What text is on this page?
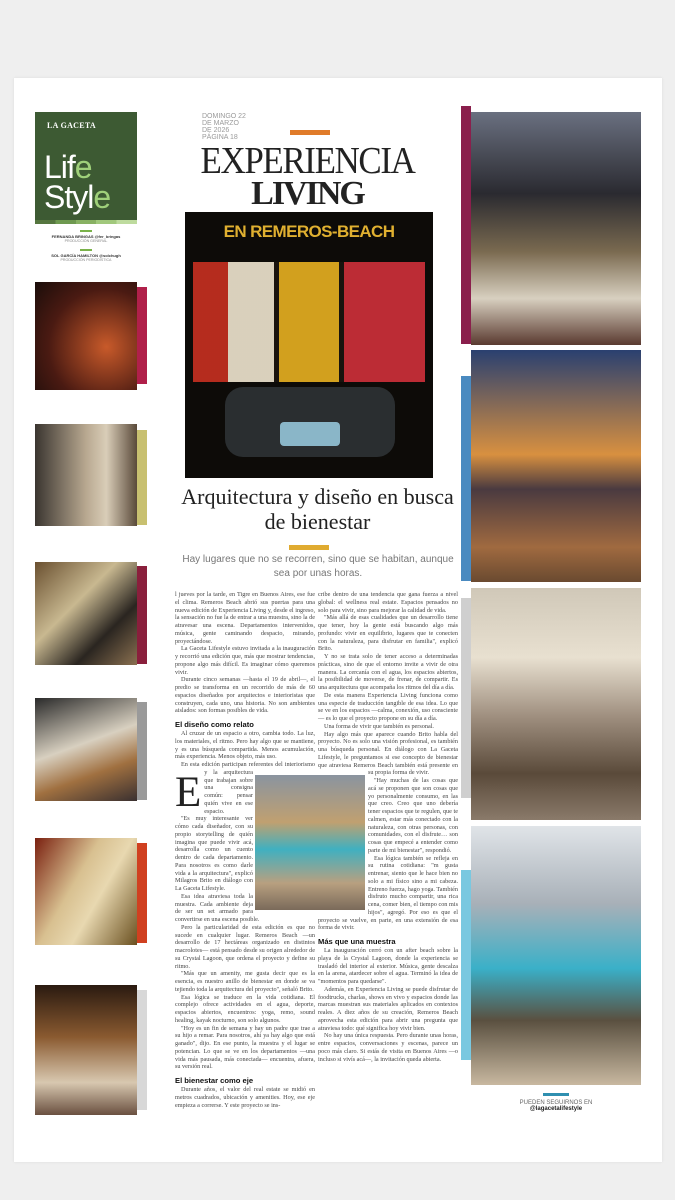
LA GACETA
Life
Style
FERNANDA BRINGAS @fer_bringas
PRODUCCIÓN GENERAL
SOL GARCÍA HAMILTON @solchugh
PRODUCCIÓN PERIODÍSTICA
DOMINGO 22
DE MARZO
DE 2026
PÁGINA 18
EXPERIENCIA
LIVING
EN REMEROS-BEACH
Arquitectura y diseño en busca de bienestar
Hay lugares que no se recorren, sino que se habitan, aunque sea por unas horas.
E

l jueves por la tarde, en Tigre en Buenos Aires, ese fue el clima. Remeros Beach abrió sus puertas para una nueva edición de Experiencia Living y, desde el ingreso, la sensación no fue la de entrar a una muestra, sino la de atravesar una escena. Departamentos intervenidos, música, gente caminando despacio, mirando, proyectándose.

La Gaceta Lifestyle estuvo invitada a la inauguración y recorrió una edición que, más que mostrar tendencias, propone algo más difícil. Es imaginar cómo queremos vivir.

Durante cinco semanas —hasta el 19 de abril—, el predio se transforma en un recorrido de más de 60 espacios diseñados por arquitectos e interioristas que construyen, cada uno, una historia. No son ambientes aislados: son formas posibles de vida.

El diseño como relato

Al cruzar de un espacio a otro, cambia todo. La luz, los materiales, el ritmo. Pero hay algo que se mantiene, y es una búsqueda compartida. Menos acumulación, más experiencia. Menos objeto, más uso.

En esta edición participan referentes del interiorismo y la arquitectura que trabajan sobre una consigna común: pensar quién vive en ese espacio.

"Es muy interesante ver cómo cada diseñador, con su propio storytelling de quién imagina que puede vivir acá, desarrolla como un cuento dentro de cada departamento. Para nosotros es como darle vida a la arquitectura", explicó Milagros Brito en diálogo con La Gaceta Lifestyle.

Esa idea atraviesa toda la muestra. Cada ambiente deja de ser un set armado para convertirse en una escena posible.

Pero la particularidad de esta edición es que no sucede en cualquier lugar. Remeros Beach —un desarrollo de 17 hectáreas organizado en distintos macrolotes— está pensado desde su origen alrededor de su Crystal Lagoon, que ordena el proyecto y define su ritmo.

"Más que un amenity, me gusta decir que es la esencia, es nuestro anillo de bienestar en donde se va tejiendo toda la arquitectura del proyecto", señaló Brito.

Esa lógica se traduce en la vida cotidiana. El complejo ofrece actividades en el agua, deporte, espacios abiertos, encuentros: yoga, remo, sound healing, kayak nocturno, son solo algunos.

"Hoy es un fin de semana y hay un padre que trae a su hijo a remar. Para nosotros, ahí ya hay algo que está ganado", dijo. En ese punto, la muestra y el lugar se potencian. Lo que se ve en los departamentos —una vida más pausada, más conectada— encuentra, afuera, su versión real.

El bienestar como eje

Durante años, el valor del real estate se midió en metros cuadrados, ubicación y amenities. Hoy, ese eje empieza a correrse. Y este proyecto se ins-

cribe dentro de una tendencia que gana fuerza a nivel global: el wellness real estate. Espacios pensados no solo para vivir, sino para mejorar la calidad de vida.

"Más allá de esas cualidades que un desarrollo tiene que tener, hoy la gente está buscando algo más profundo: vivir en equilibrio, lugares que te conecten con la naturaleza, para disfrutar en familia", explicó Brito.

Y no se trata solo de tener acceso a determinadas prácticas, sino de que el entorno invite a vivir de otra manera. La cercanía con el agua, los espacios abiertos, la posibilidad de moverse, de frenar, de compartir. Es una arquitectura que acompaña los ritmos del día a día.

De esta manera Experiencia Living funciona como una especie de traducción tangible de esa idea. Lo que se ve en los espacios —calma, conexión, uso consciente— es lo que el proyecto propone en su día a día.

Una forma de vivir que también es personal.

Hay algo más que aparece cuando Brito habla del proyecto. No es solo una visión profesional, es también una búsqueda personal. En diálogo con La Gaceta Lifestyle, le preguntamos si ese concepto de bienestar que atraviesa Remeros Beach también está presente en su propia forma de vivir.

"Hay muchas de las cosas que acá se proponen que son cosas que yo personalmente consumo, en las que creo. Creo que uno debería tener espacios que te regulen, que te calmen, estar más conectado con la naturaleza, con otras personas, con comunidades, con el disfrute… son cosas que empecé a entender como parte de mi bienestar", respondió.

Esa lógica también se refleja en su rutina cotidiana: "m gusta entrenar, siento que le hace bien no solo a mi físico sino a mi cabeza. Entreno fuerza, hago yoga. También disfruto mucho compartir, una rica cena, comer bien, el tiempo con mis hijos", agregó. Por eso es que el proyecto se vuelve, en parte, en una extensión de esa forma de vivir.

Más que una muestra

La inauguración cerró con un after beach sobre la playa de la Crystal Lagoon, donde la experiencia se trasladó del interior al exterior. Música, gente descalza en la arena, atardecer sobre el agua. Terminó la idea de "momentos para quedarse".

Además, en Experiencia Living se puede disfrutar de foodtrucks, charlas, shows en vivo y espacios donde las marcas muestran sus materiales aplicados en contextos reales. A diez años de su creación, Remeros Beach aprovecha esta edición para abrir una pregunta que atraviesa todo: qué significa hoy vivir bien.

No hay una única respuesta. Pero durante unas horas, entre espacios, conversaciones y escenas, parece un poco más claro. Si estás de visita en Buenos Aires —o incluso si vivís acá—, la invitación queda abierta.

PUEDEN SEGUIRNOS EN
@lagacetalifestyle
